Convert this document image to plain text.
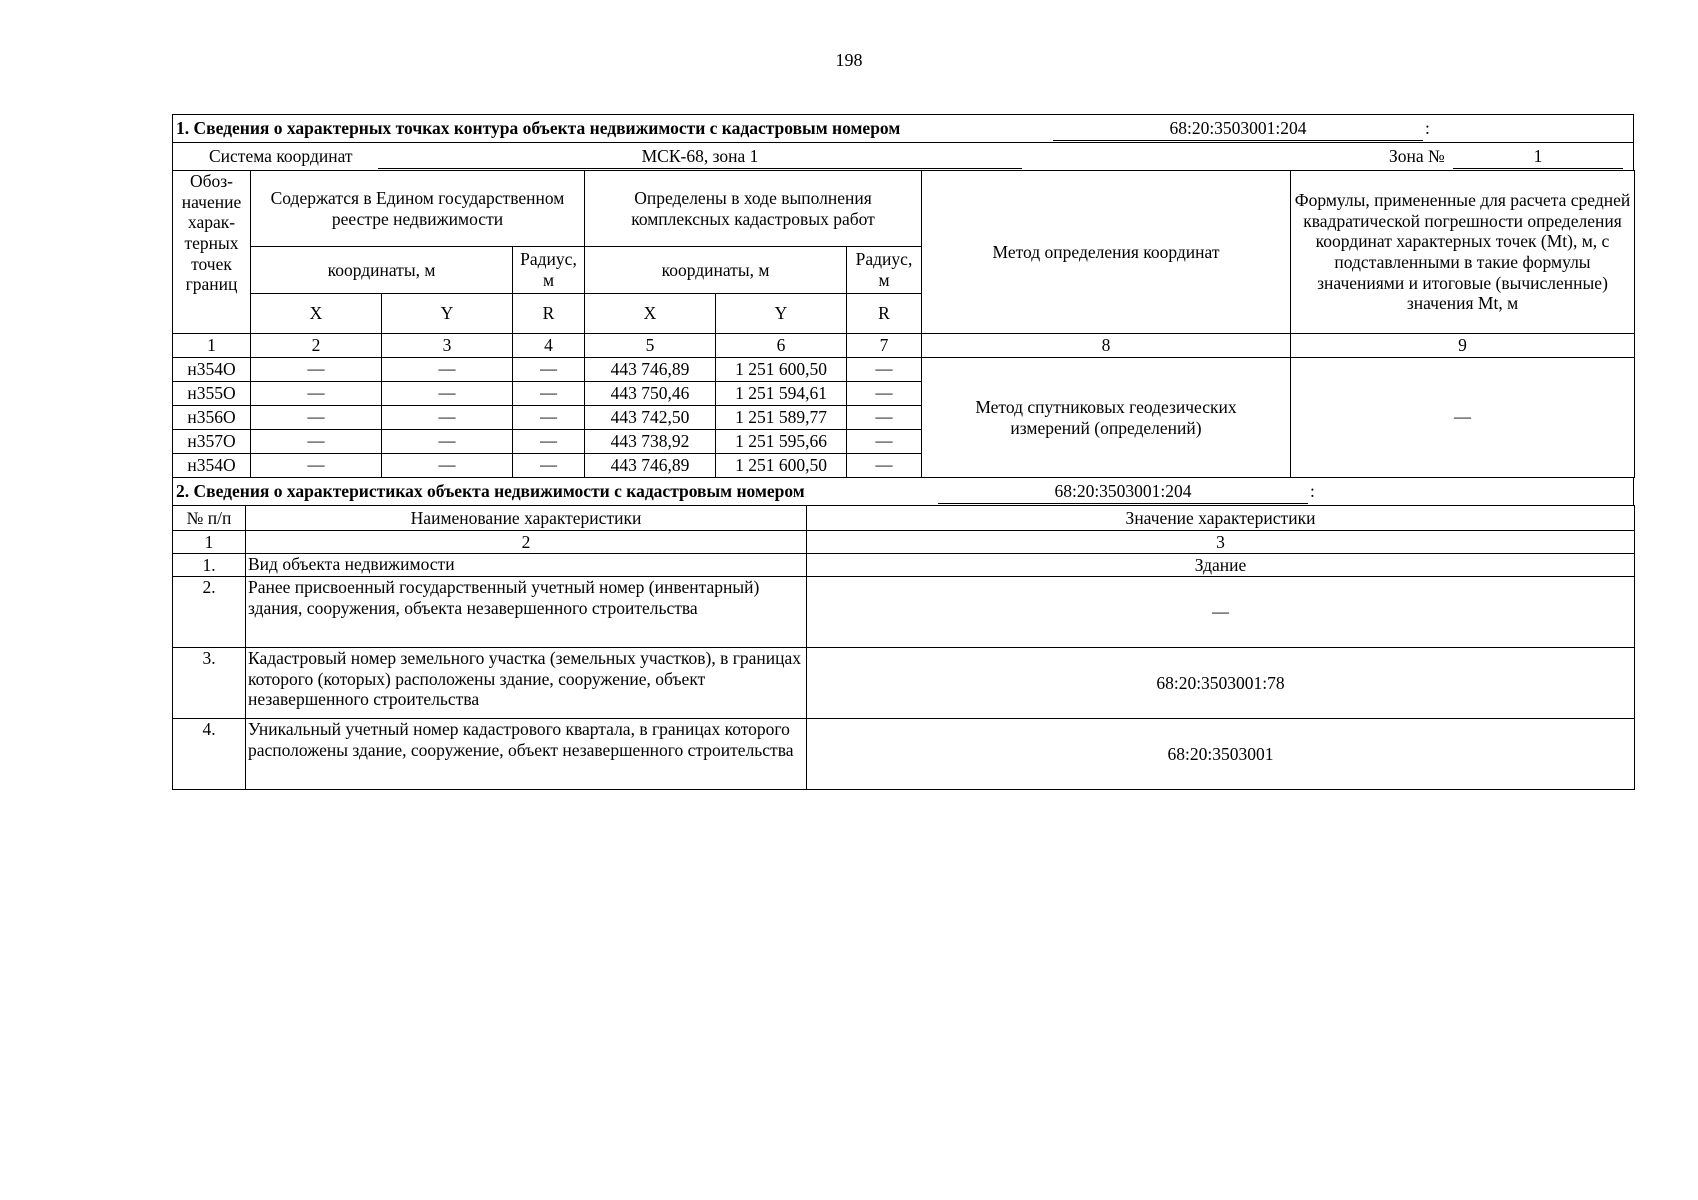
198
1. Сведения о характерных точках контура объекта недвижимости с кадастровым номером	68:20:3503001:204	:
Система координат	МСК-68, зона 1	Зона №	1
Обоз-начение харак-терных точек границ	Содержатся в Едином государственном реестре недвижимости			Определены в ходе выполнения комплексных кадастровых работ			Метод определения координат	Формулы, примененные для расчета средней квадратической погрешности определения координат характерных точек (Mt), м, с подставленными в такие формулы значениями и итоговые (вычисленные) значения Mt, м
	координаты, м		Радиус, м	координаты, м		Радиус, м		
	X	Y	R	X	Y	R		
1	2	3	4	5	6	7	8	9
н354О	—	—	—	443 746,89	1 251 600,50	—	Метод спутниковых геодезических измерений (определений)	—
н355О	—	—	—	443 750,46	1 251 594,61	—		
н356О	—	—	—	443 742,50	1 251 589,77	—		
н357О	—	—	—	443 738,92	1 251 595,66	—		
н354О	—	—	—	443 746,89	1 251 600,50	—		
2. Сведения о характеристиках объекта недвижимости с кадастровым номером	68:20:3503001:204	:
№ п/п	Наименование характеристики	Значение характеристики
1	2	3
1.	Вид объекта недвижимости	Здание
2.	Ранее присвоенный государственный учетный номер (инвентарный) здания, сооружения, объекта незавершенного строительства	—
3.	Кадастровый номер земельного участка (земельных участков), в границах которого (которых) расположены здание, сооружение, объект незавершенного строительства	68:20:3503001:78
4.	Уникальный учетный номер кадастрового квартала, в границах которого расположены здание, сооружение, объект незавершенного строительства	68:20:3503001
